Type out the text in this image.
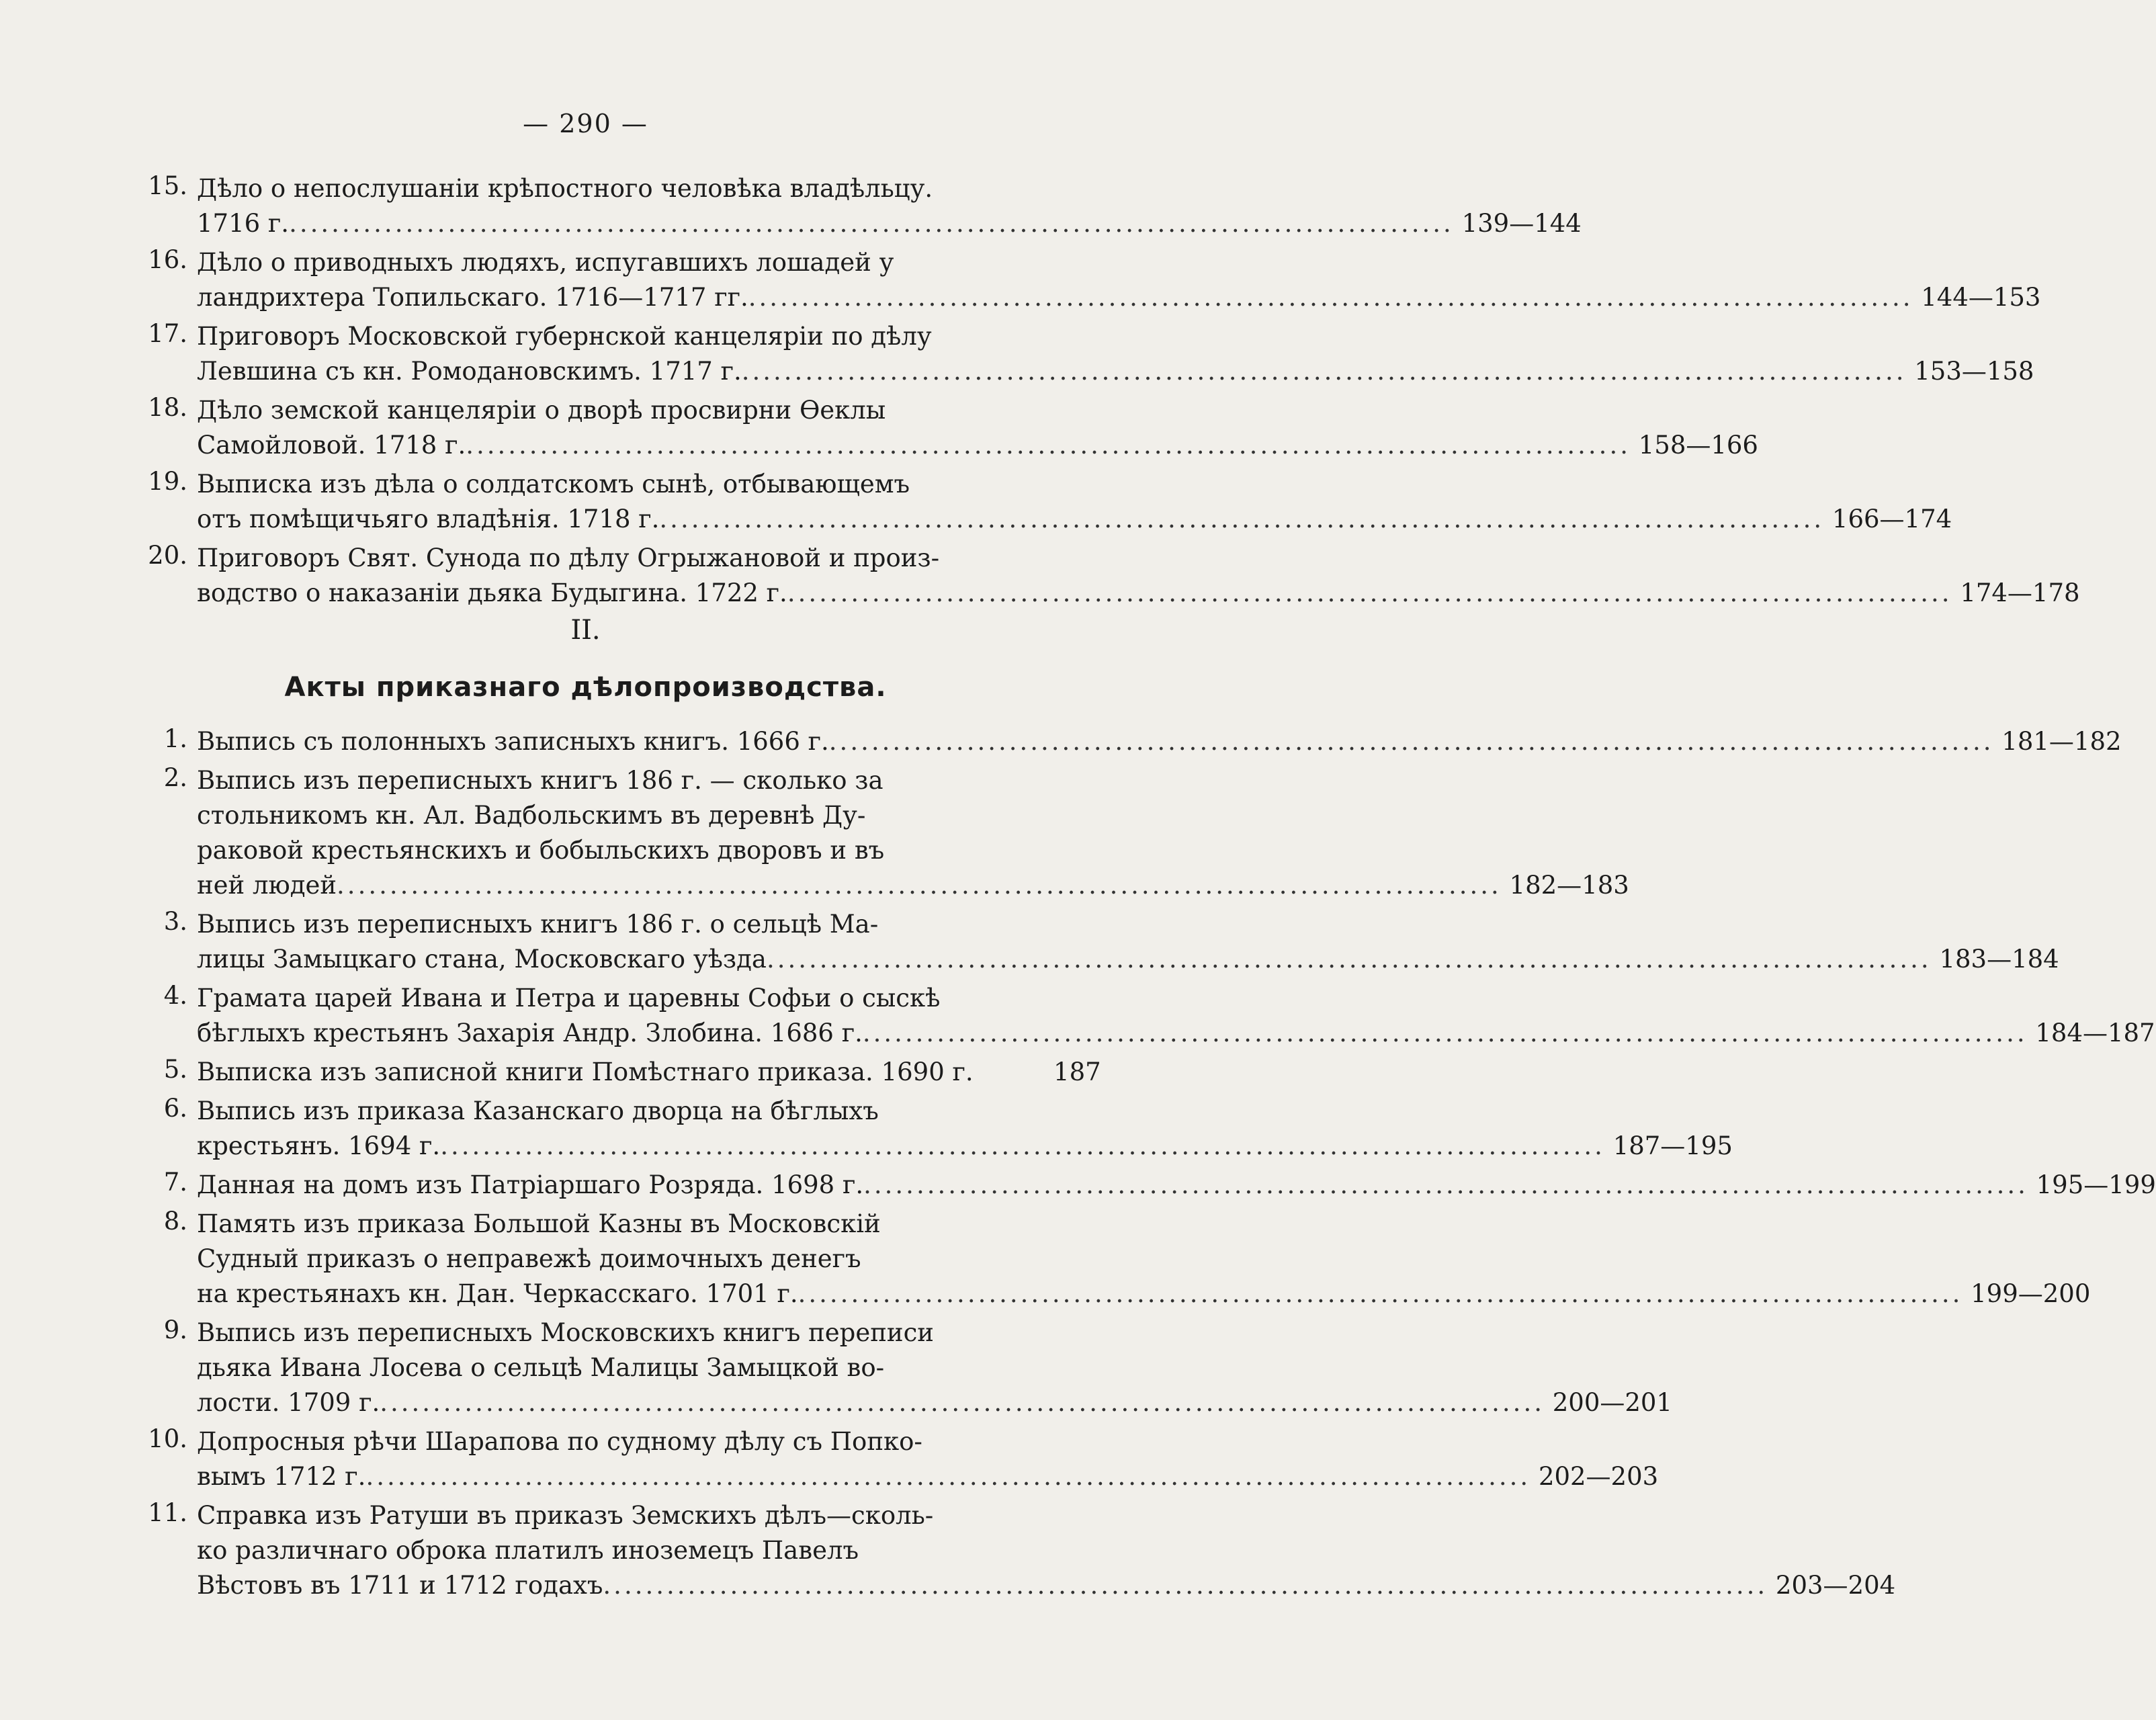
— 290 —
15. Дѣло о непослушаніи крѣпостного человѣка владѣльцу.
1716 г. .............................................................................................................. 139—144
16. Дѣло о приводныхъ людяхъ, испугавшихъ лошадей у
ландрихтера Топильскаго. 1716—1717 гг. .............................................................................................................. 144—153
17. Приговоръ Московской губернской канцеляріи по дѣлу
Левшина съ кн. Ромодановскимъ. 1717 г. .............................................................................................................. 153—158
18. Дѣло земской канцеляріи о дворѣ просвирни Ѳеклы
Самойловой. 1718 г. .............................................................................................................. 158—166
19. Выписка изъ дѣла о солдатскомъ сынѣ, отбывающемъ
отъ помѣщичьяго владѣнія. 1718 г. .............................................................................................................. 166—174
20. Приговоръ Свят. Сунода по дѣлу Огрыжановой и произ-
водство о наказаніи дьяка Будыгина. 1722 г. .............................................................................................................. 174—178
II.
Акты приказнаго дѣлопроизводства.
1. Выпись съ полонныхъ записныхъ книгъ. 1666 г. .............................................................................................................. 181—182
2. Выпись изъ переписныхъ книгъ 186 г. — сколько за
стольникомъ кн. Ал. Вадбольскимъ въ деревнѣ Ду-
раковой крестьянскихъ и бобыльскихъ дворовъ и въ
ней людей .............................................................................................................. 182—183
3. Выпись изъ переписныхъ книгъ 186 г. о сельцѣ Ма-
лицы Замыцкаго стана, Московскаго уѣзда .............................................................................................................. 183—184
4. Грамата царей Ивана и Петра и царевны Софьи о сыскѣ
бѣглыхъ крестьянъ Захарія Андр. Злобина. 1686 г. .............................................................................................................. 184—187
5. Выписка изъ записной книги Помѣстнаго приказа. 1690 г.	187
6. Выпись изъ приказа Казанскаго дворца на бѣглыхъ
крестьянъ. 1694 г. .............................................................................................................. 187—195
7. Данная на домъ изъ Патріаршаго Розряда. 1698 г. .............................................................................................................. 195—199
8. Память изъ приказа Большой Казны въ Московскій
Судный приказъ о неправежѣ доимочныхъ денегъ
на крестьянахъ кн. Дан. Черкасскаго. 1701 г. .............................................................................................................. 199—200
9. Выпись изъ переписныхъ Московскихъ книгъ переписи
дьяка Ивана Лосева о сельцѣ Малицы Замыцкой во-
лости. 1709 г. .............................................................................................................. 200—201
10. Допросныя рѣчи Шарапова по судному дѣлу съ Попко-
вымъ 1712 г. .............................................................................................................. 202—203
11. Справка изъ Ратуши въ приказъ Земскихъ дѣлъ—сколь-
ко различнаго оброка платилъ иноземецъ Павелъ
Вѣстовъ въ 1711 и 1712 годахъ .............................................................................................................. 203—204
